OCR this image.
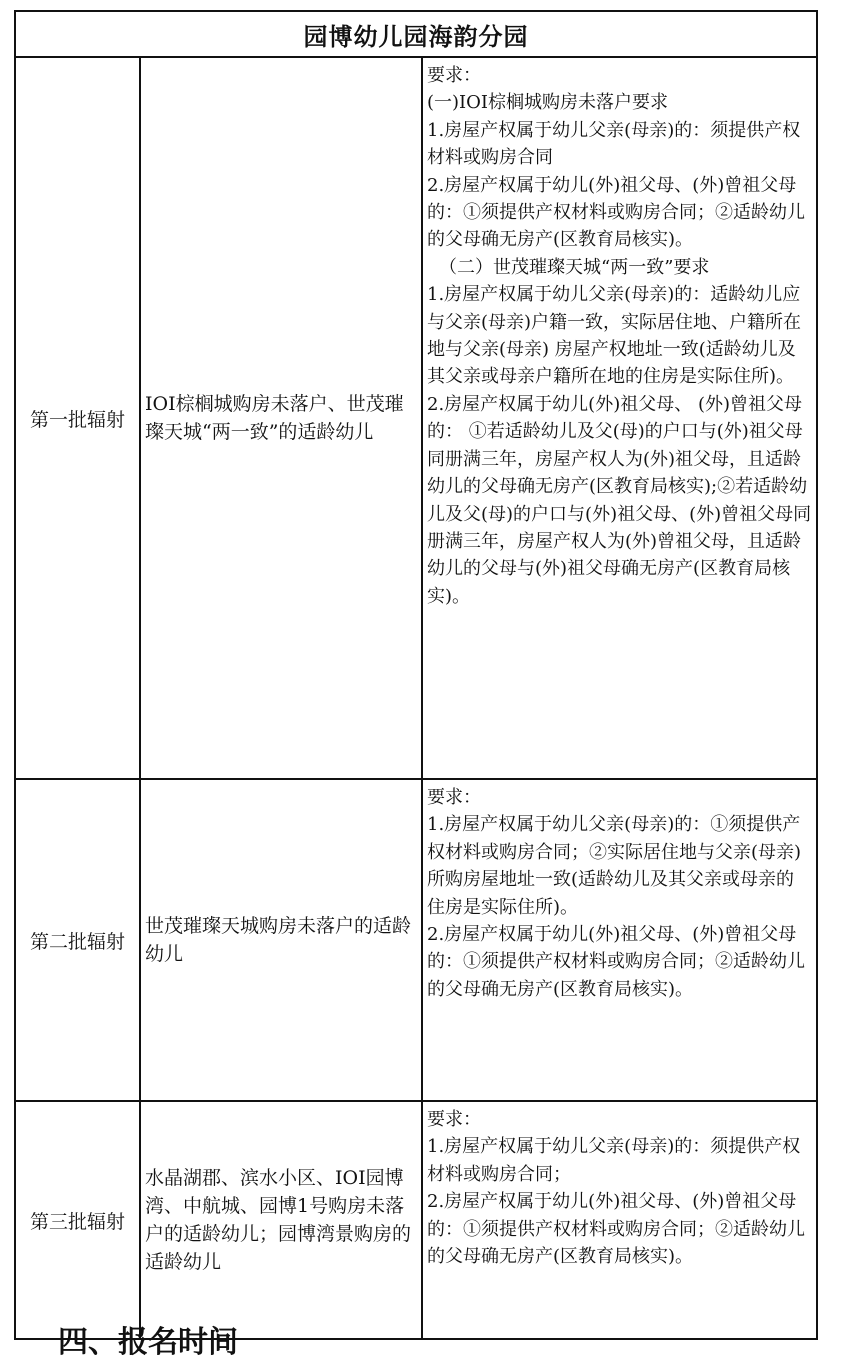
园博幼儿园海韵分园
第一批辐射
IOI棕榈城购房未落户、世茂璀璨天城“两一致”的适龄幼儿

要求：

(一)IOI棕榈城购房未落户要求

1.房屋产权属于幼儿父亲(母亲)的：须提供产权材料或购房合同

2.房屋产权属于幼儿(外)祖父母、(外)曾祖父母的：①须提供产权材料或购房合同；②适龄幼儿的父母确无房产(区教育局核实)。

（二）世茂璀璨天城“两一致”要求

1.房屋产权属于幼儿父亲(母亲)的：适龄幼儿应与父亲(母亲)户籍一致，实际居住地、户籍所在地与父亲(母亲) 房屋产权地址一致(适龄幼儿及其父亲或母亲户籍所在地的住房是实际住所)。

2.房屋产权属于幼儿(外)祖父母、 (外)曾祖父母的： ①若适龄幼儿及父(母)的户口与(外)祖父母同册满三年，房屋产权人为(外)祖父母，且适龄幼儿的父母确无房产(区教育局核实);②若适龄幼儿及父(母)的户口与(外)祖父母、(外)曾祖父母同册满三年，房屋产权人为(外)曾祖父母，且适龄幼儿的父母与(外)祖父母确无房产(区教育局核实)。

第二批辐射
世茂璀璨天城购房未落户的适龄幼儿

要求：

1.房屋产权属于幼儿父亲(母亲)的：①须提供产权材料或购房合同；②实际居住地与父亲(母亲) 所购房屋地址一致(适龄幼儿及其父亲或母亲的住房是实际住所)。

2.房屋产权属于幼儿(外)祖父母、(外)曾祖父母的：①须提供产权材料或购房合同；②适龄幼儿的父母确无房产(区教育局核实)。

第三批辐射
水晶湖郡、滨水小区、IOI园博湾、中航城、园博1号购房未落户的适龄幼儿；园博湾景购房的适龄幼儿

要求：

1.房屋产权属于幼儿父亲(母亲)的：须提供产权材料或购房合同；

2.房屋产权属于幼儿(外)祖父母、(外)曾祖父母的：①须提供产权材料或购房合同；②适龄幼儿的父母确无房产(区教育局核实)。

四、报名时间
